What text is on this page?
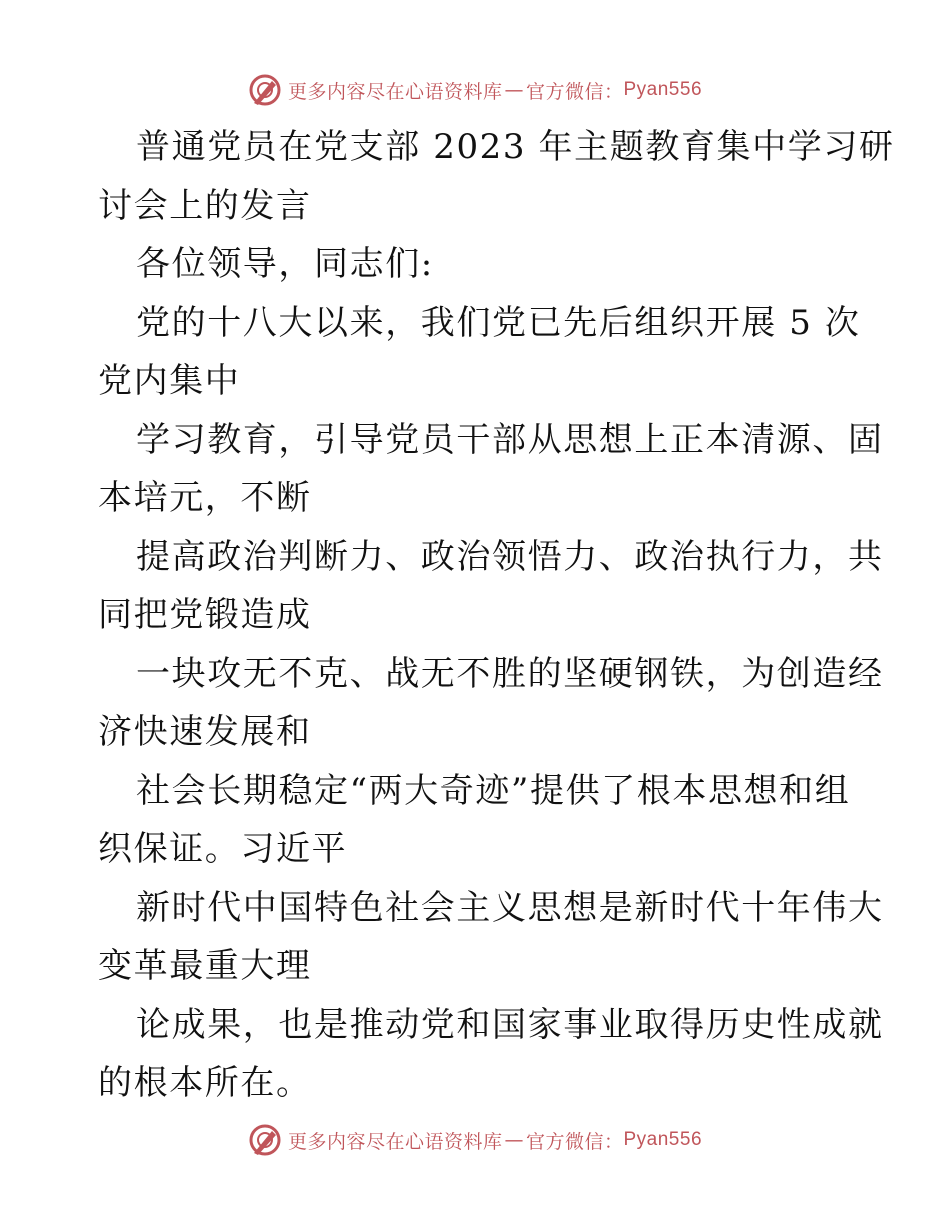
更多内容尽在心语资料库 — 官方微信： Pyan556
普通党员在党支部 2023 年主题教育集中学习研
讨会上的发言
各位领导，同志们:
党的十八大以来，我们党已先后组织开展 5 次
党内集中
学习教育，引导党员干部从思想上正本清源、固
本培元，不断
提高政治判断力、政治领悟力、政治执行力，共
同把党锻造成
一块攻无不克、战无不胜的坚硬钢铁，为创造经
济快速发展和
社会长期稳定“两大奇迹”提供了根本思想和组
织保证。习近平
新时代中国特色社会主义思想是新时代十年伟大
变革最重大理
论成果，也是推动党和国家事业取得历史性成就
的根本所在。
更多内容尽在心语资料库 — 官方微信： Pyan556
